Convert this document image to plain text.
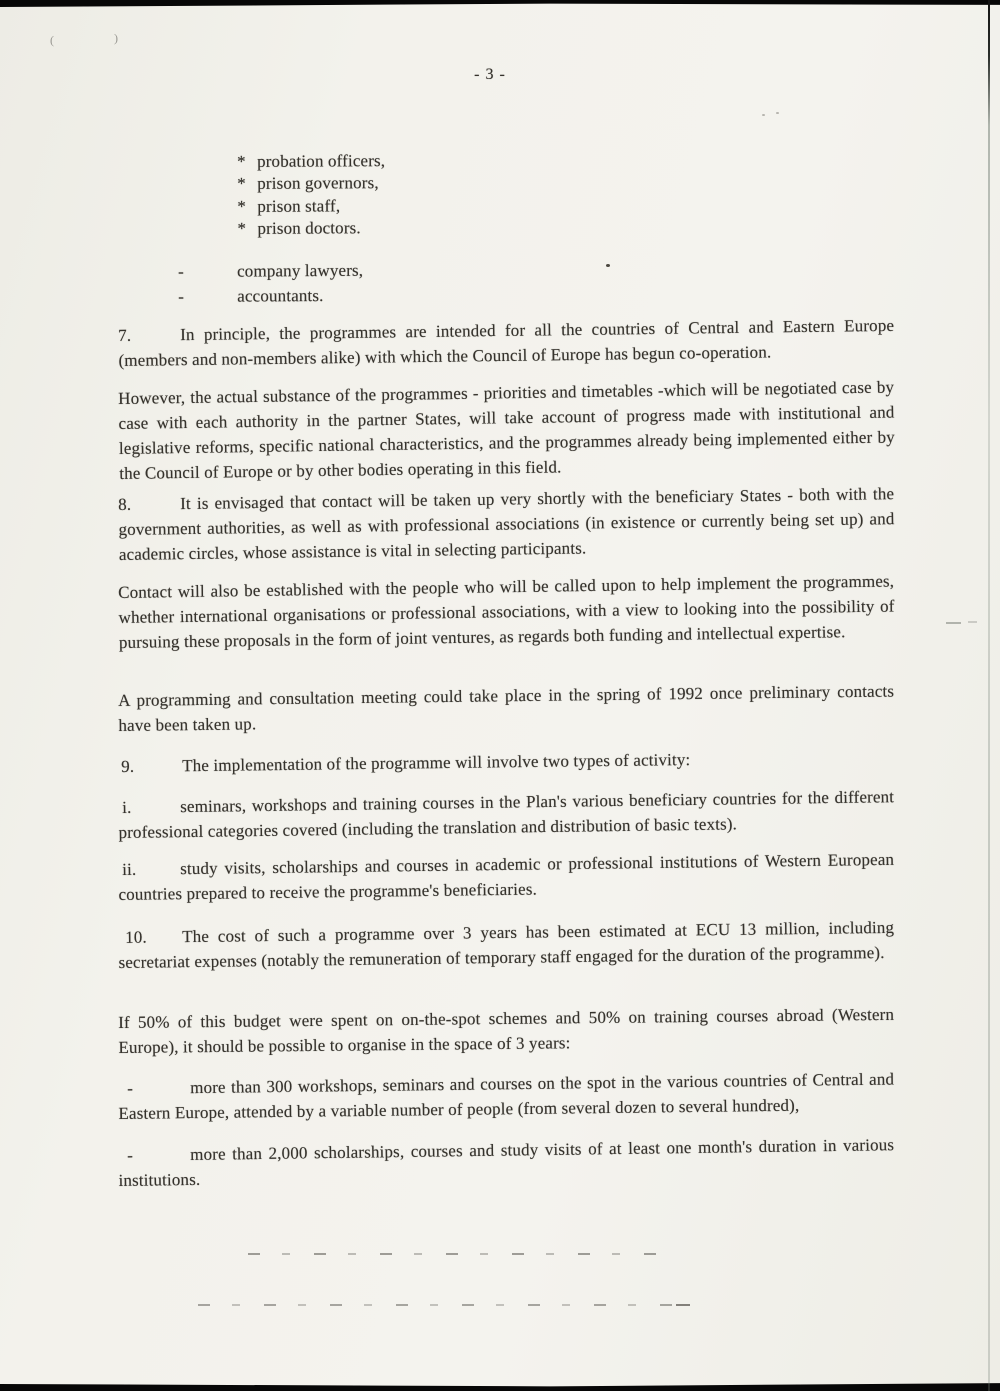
(	)
- 3 -
* probation officers,
* prison governors,
* prison staff,
* prison doctors.
-	company lawyers,
-	accountants.
7.	In principle, the programmes are intended for all the countries of Central and Eastern Europe (members and non-members alike) with which the Council of Europe has begun co-operation.
However, the actual substance of the programmes - priorities and timetables -which will be negotiated case by case with each authority in the partner States, will take account of progress made with institutional and legislative reforms, specific national characteristics, and the programmes already being implemented either by the Council of Europe or by other bodies operating in this field.
8.	It is envisaged that contact will be taken up very shortly with the beneficiary States - both with the government authorities, as well as with professional associations (in existence or currently being set up) and academic circles, whose assistance is vital in selecting participants.
Contact will also be established with the people who will be called upon to help implement the programmes, whether international organisations or professional associations, with a view to looking into the possibility of pursuing these proposals in the form of joint ventures, as regards both funding and intellectual expertise.
A programming and consultation meeting could take place in the spring of 1992 once preliminary contacts have been taken up.
9.	The implementation of the programme will involve two types of activity:
i.	seminars, workshops and training courses in the Plan's various beneficiary countries for the different professional categories covered (including the translation and distribution of basic texts).
ii.	study visits, scholarships and courses in academic or professional institutions of Western European countries prepared to receive the programme's beneficiaries.
10.	The cost of such a programme over 3 years has been estimated at ECU 13 million, including secretariat expenses (notably the remuneration of temporary staff engaged for the duration of the programme).
If 50% of this budget were spent on on-the-spot schemes and 50% on training courses abroad (Western Europe), it should be possible to organise in the space of 3 years:
-	more than 300 workshops, seminars and courses on the spot in the various countries of Central and Eastern Europe, attended by a variable number of people (from several dozen to several hundred),
-	more than 2,000 scholarships, courses and study visits of at least one month's duration in various institutions.
